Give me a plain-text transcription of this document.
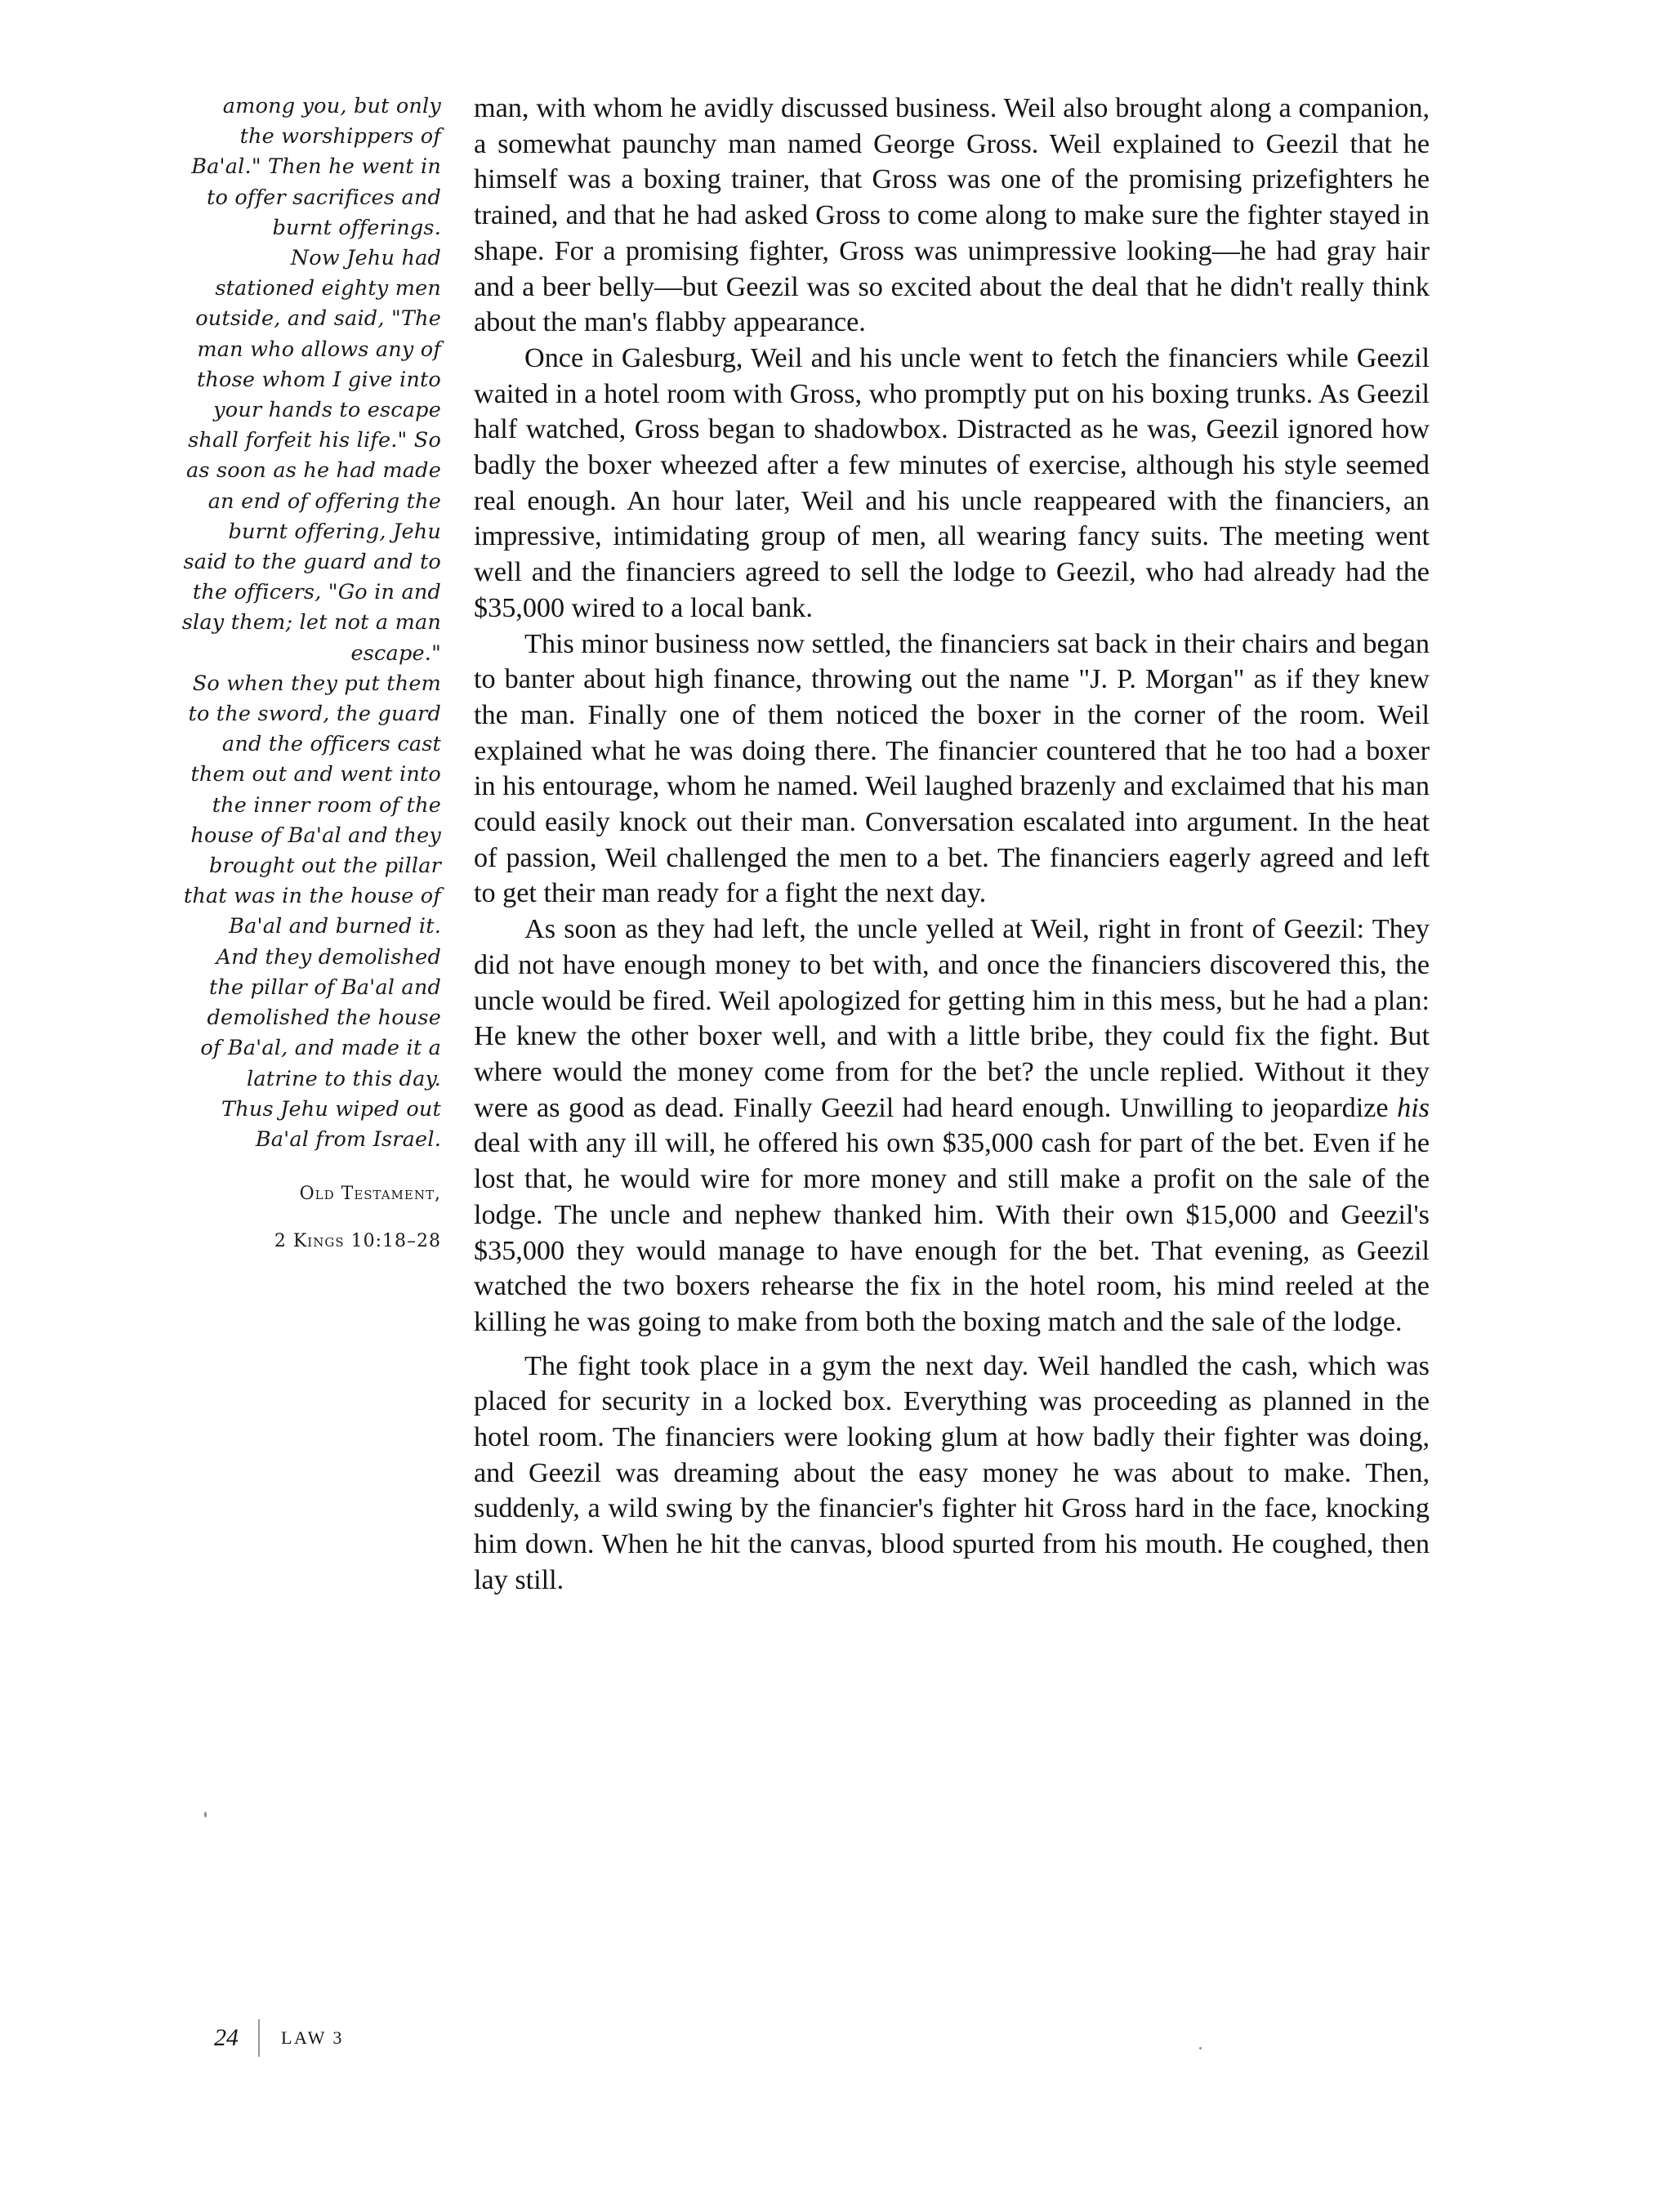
among you, but only
the worshippers of
Ba'al." Then he went in
to offer sacrifices and
burnt offerings.
Now Jehu had
stationed eighty men
outside, and said, "The
man who allows any of
those whom I give into
your hands to escape
shall forfeit his life." So
as soon as he had made
an end of offering the
burnt offering, Jehu
said to the guard and to
the officers, "Go in and
slay them; let not a man
escape."
So when they put them
to the sword, the guard
and the officers cast
them out and went into
the inner room of the
house of Ba'al and they
brought out the pillar
that was in the house of
Ba'al and burned it.
And they demolished
the pillar of Ba'al and
demolished the house
of Ba'al, and made it a
latrine to this day.
Thus Jehu wiped out
Ba'al from Israel.

Old Testament,

2 Kings 10:18–28

man, with whom he avidly discussed business. Weil also brought along a companion, a somewhat paunchy man named George Gross. Weil explained to Geezil that he himself was a boxing trainer, that Gross was one of the promising prizefighters he trained, and that he had asked Gross to come along to make sure the fighter stayed in shape. For a promising fighter, Gross was unimpressive looking—he had gray hair and a beer belly—but Geezil was so excited about the deal that he didn't really think about the man's flabby appearance.

Once in Galesburg, Weil and his uncle went to fetch the financiers while Geezil waited in a hotel room with Gross, who promptly put on his boxing trunks. As Geezil half watched, Gross began to shadowbox. Distracted as he was, Geezil ignored how badly the boxer wheezed after a few minutes of exercise, although his style seemed real enough. An hour later, Weil and his uncle reappeared with the financiers, an impressive, intimidating group of men, all wearing fancy suits. The meeting went well and the financiers agreed to sell the lodge to Geezil, who had already had the $35,000 wired to a local bank.

This minor business now settled, the financiers sat back in their chairs and began to banter about high finance, throwing out the name "J. P. Morgan" as if they knew the man. Finally one of them noticed the boxer in the corner of the room. Weil explained what he was doing there. The financier countered that he too had a boxer in his entourage, whom he named. Weil laughed brazenly and exclaimed that his man could easily knock out their man. Conversation escalated into argument. In the heat of passion, Weil challenged the men to a bet. The financiers eagerly agreed and left to get their man ready for a fight the next day.

As soon as they had left, the uncle yelled at Weil, right in front of Geezil: They did not have enough money to bet with, and once the financiers discovered this, the uncle would be fired. Weil apologized for getting him in this mess, but he had a plan: He knew the other boxer well, and with a little bribe, they could fix the fight. But where would the money come from for the bet? the uncle replied. Without it they were as good as dead. Finally Geezil had heard enough. Unwilling to jeopardize his deal with any ill will, he offered his own $35,000 cash for part of the bet. Even if he lost that, he would wire for more money and still make a profit on the sale of the lodge. The uncle and nephew thanked him. With their own $15,000 and Geezil's $35,000 they would manage to have enough for the bet. That evening, as Geezil watched the two boxers rehearse the fix in the hotel room, his mind reeled at the killing he was going to make from both the boxing match and the sale of the lodge.

The fight took place in a gym the next day. Weil handled the cash, which was placed for security in a locked box. Everything was proceeding as planned in the hotel room. The financiers were looking glum at how badly their fighter was doing, and Geezil was dreaming about the easy money he was about to make. Then, suddenly, a wild swing by the financier's fighter hit Gross hard in the face, knocking him down. When he hit the canvas, blood spurted from his mouth. He coughed, then lay still.

24 LAW 3
